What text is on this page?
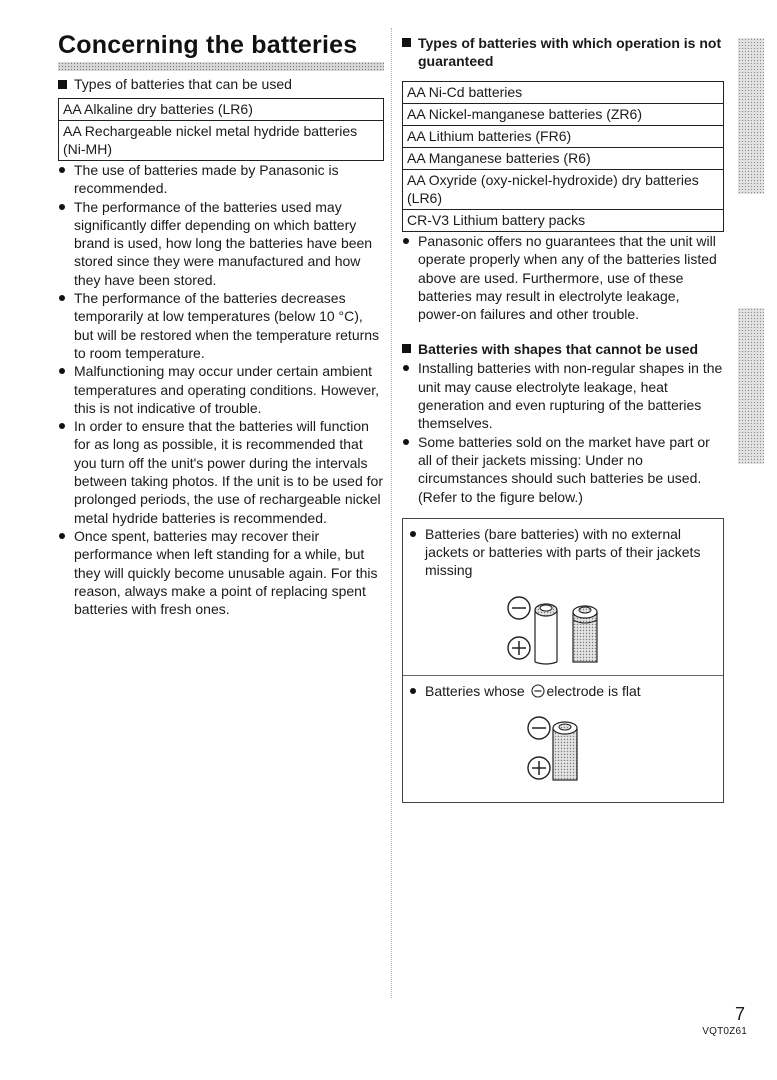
Concerning the batteries
Types of batteries that can be used
AA Alkaline dry batteries (LR6)
AA Rechargeable nickel metal hydride batteries (Ni-MH)
The use of batteries made by Panasonic is recommended.
The performance of the batteries used may significantly differ depending on which battery brand is used, how long the batteries have been stored since they were manufactured and how they have been stored.
The performance of the batteries decreases temporarily at low temperatures (below 10 °C), but will be restored when the temperature returns to room temperature.
Malfunctioning may occur under certain ambient temperatures and operating conditions. However, this is not indicative of trouble.
In order to ensure that the batteries will function for as long as possible, it is recommended that you turn off the unit's power during the intervals between taking photos. If the unit is to be used for prolonged periods, the use of rechargeable nickel metal hydride batteries is recommended.
Once spent, batteries may recover their performance when left standing for a while, but they will quickly become unusable again. For this reason, always make a point of replacing spent batteries with fresh ones.
Types of batteries with which operation is not guaranteed
AA Ni-Cd batteries
AA Nickel-manganese batteries (ZR6)
AA Lithium batteries (FR6)
AA Manganese batteries (R6)
AA Oxyride (oxy-nickel-hydroxide) dry batteries (LR6)
CR-V3 Lithium battery packs
Panasonic offers no guarantees that the unit will operate properly when any of the batteries listed above are used. Furthermore, use of these batteries may result in electrolyte leakage, power-on failures and other trouble.
Batteries with shapes that cannot be used
Installing batteries with non-regular shapes in the unit may cause electrolyte leakage, heat generation and even rupturing of the batteries themselves.
Some batteries sold on the market have part or all of their jackets missing: Under no circumstances should such batteries be used. (Refer to the figure below.)
Batteries (bare batteries) with no external jackets or batteries with parts of their jackets missing
Batteries whose electrode is flat
7
VQT0Z61
